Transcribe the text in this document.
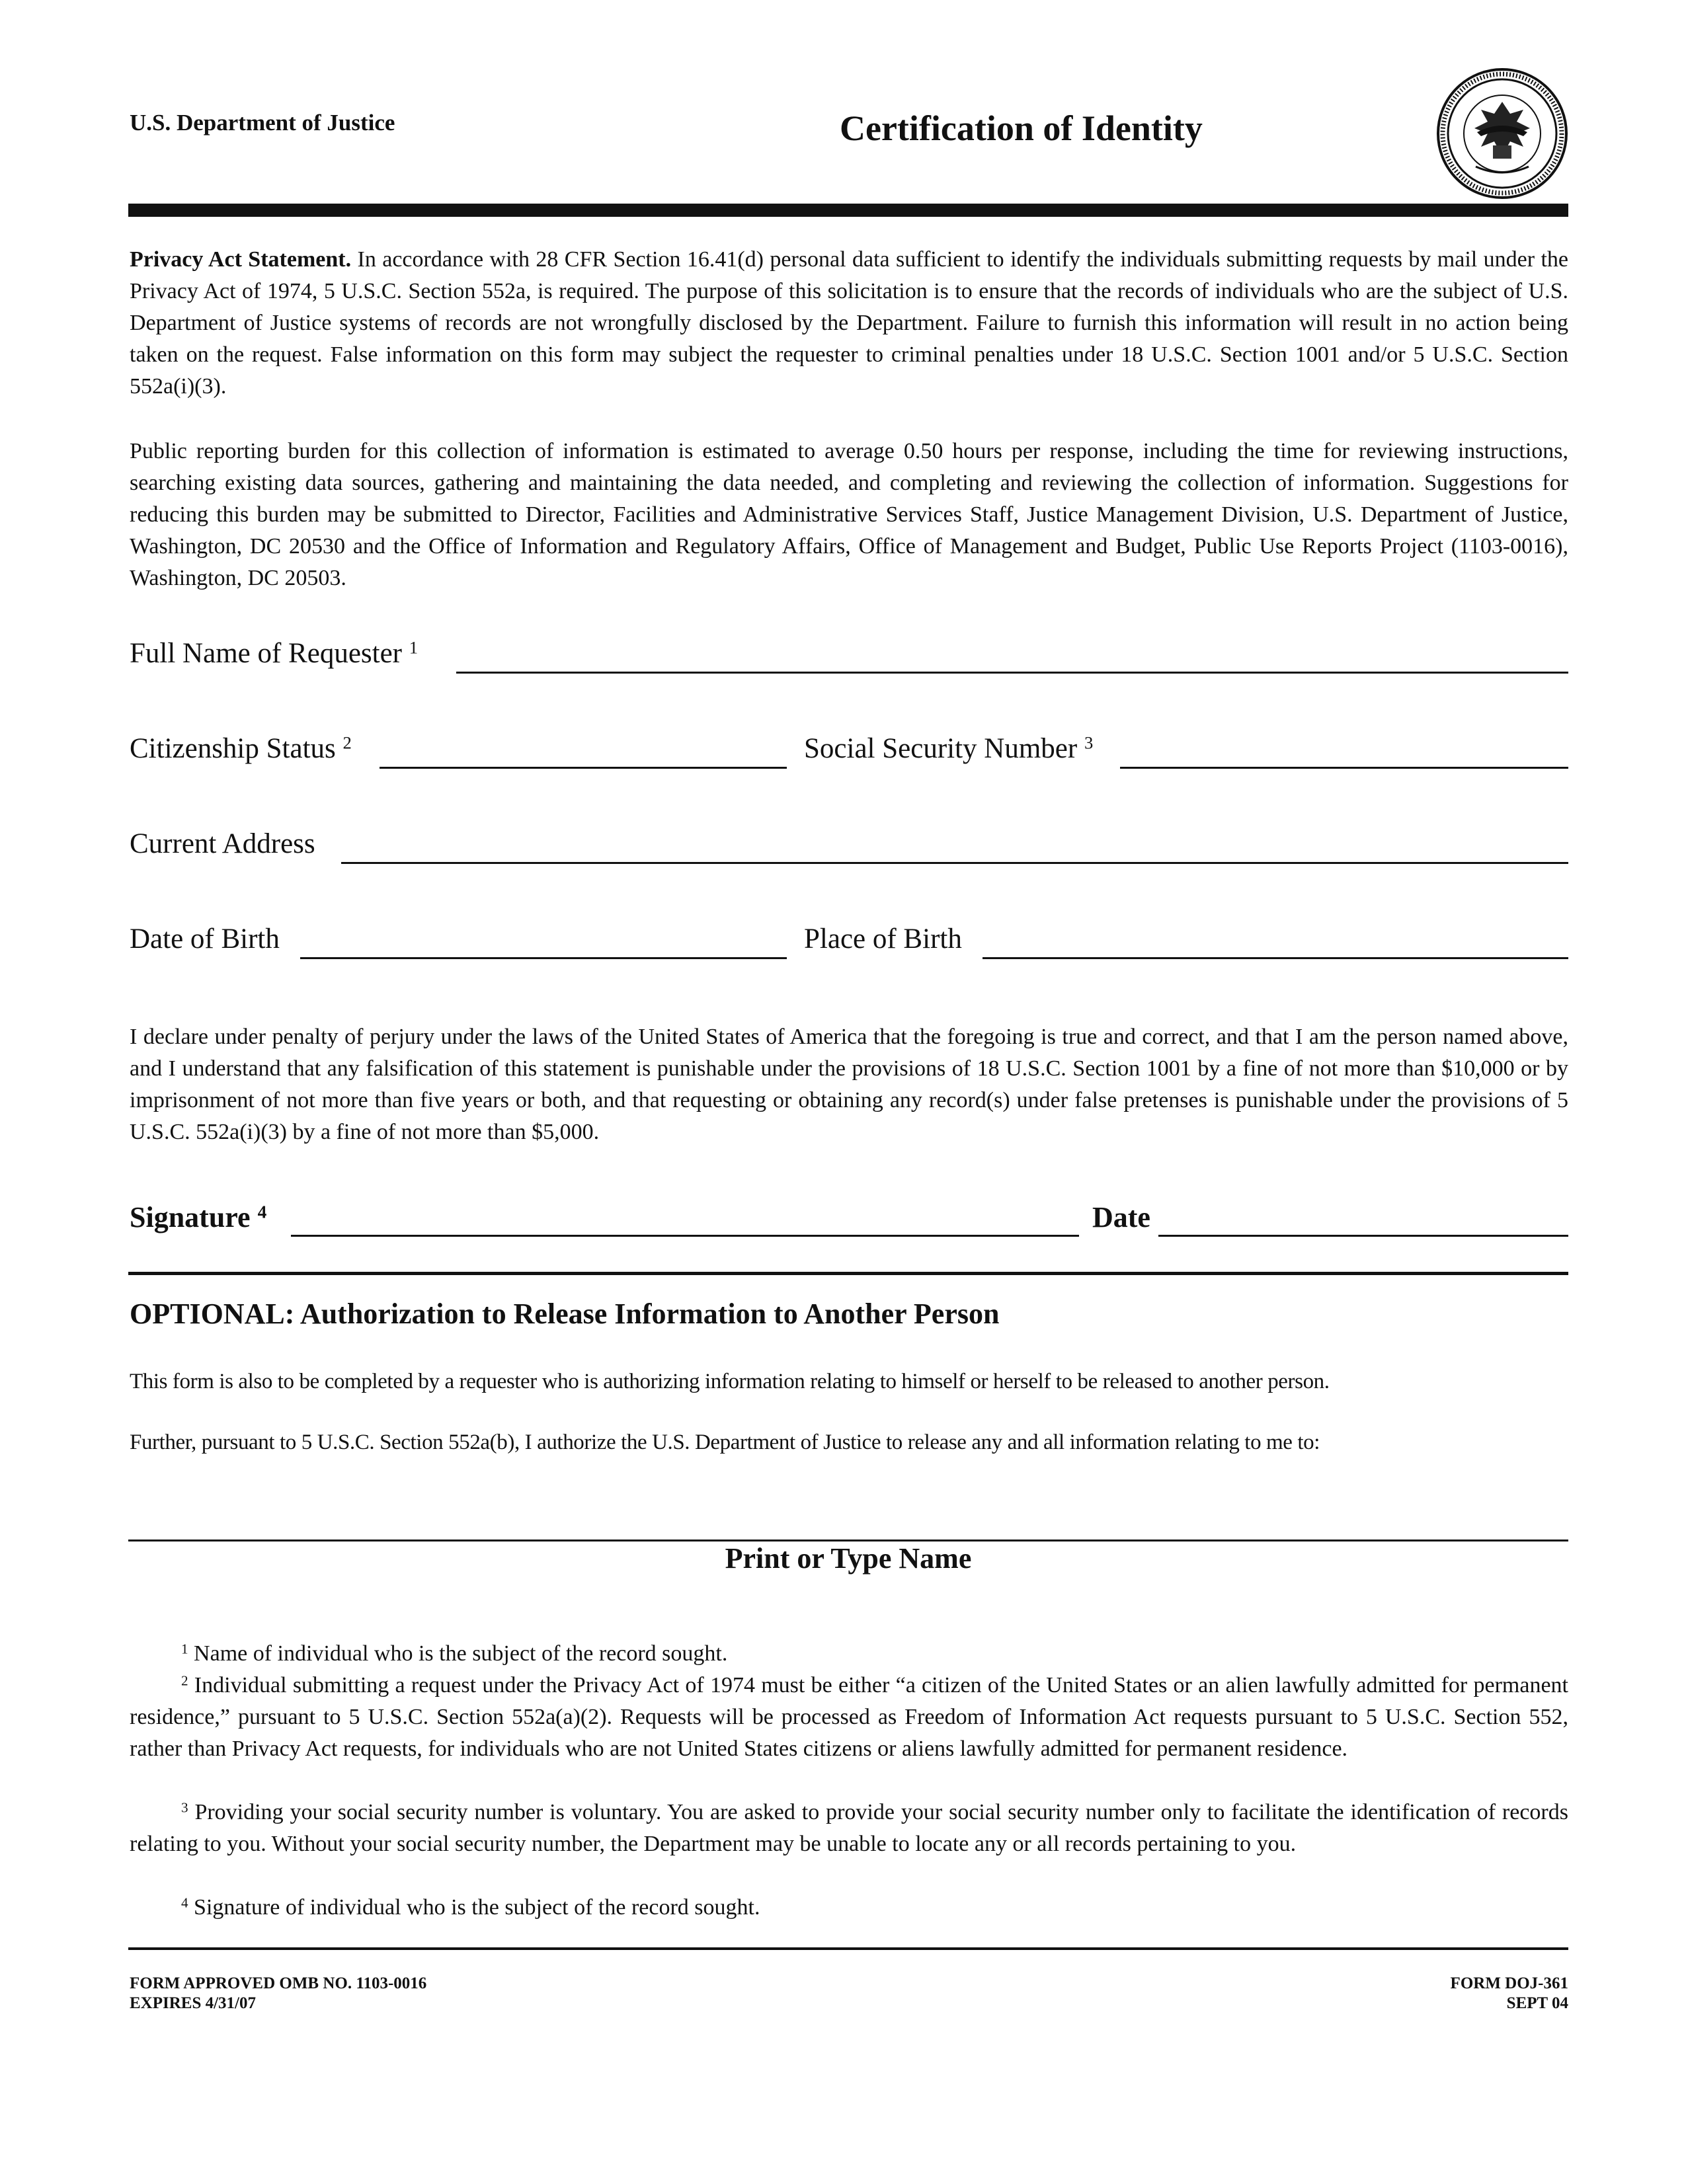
U.S. Department of Justice	Certification of Identity

Privacy Act Statement. In accordance with 28 CFR Section 16.41(d) personal data sufficient to identify the individuals submitting requests by mail under the Privacy Act of 1974, 5 U.S.C. Section 552a, is required. The purpose of this solicitation is to ensure that the records of individuals who are the subject of U.S. Department of Justice systems of records are not wrongfully disclosed by the Department. Failure to furnish this information will result in no action being taken on the request. False information on this form may subject the requester to criminal penalties under 18 U.S.C. Section 1001 and/or 5 U.S.C. Section 552a(i)(3).

Public reporting burden for this collection of information is estimated to average 0.50 hours per response, including the time for reviewing instructions, searching existing data sources, gathering and maintaining the data needed, and completing and reviewing the collection of information. Suggestions for reducing this burden may be submitted to Director, Facilities and Administrative Services Staff, Justice Management Division, U.S. Department of Justice, Washington, DC 20530 and the Office of Information and Regulatory Affairs, Office of Management and Budget, Public Use Reports Project (1103-0016), Washington, DC 20503.

Full Name of Requester $^1$
Citizenship Status $^2$	Social Security Number $^3$
Current Address
Date of Birth	Place of Birth

I declare under penalty of perjury under the laws of the United States of America that the foregoing is true and correct, and that I am the person named above, and I understand that any falsification of this statement is punishable under the provisions of 18 U.S.C. Section 1001 by a fine of not more than $10,000 or by imprisonment of not more than five years or both, and that requesting or obtaining any record(s) under false pretenses is punishable under the provisions of 5 U.S.C. 552a(i)(3) by a fine of not more than $5,000.

Signature $^4$	Date
OPTIONAL: Authorization to Release Information to Another Person
This form is also to be completed by a requester who is authorizing information relating to himself or herself to be released to another person.
Further, pursuant to 5 U.S.C. Section 552a(b), I authorize the U.S. Department of Justice to release any and all information relating to me to:
Print or Type Name

$^1$ Name of individual who is the subject of the record sought.

$^2$ Individual submitting a request under the Privacy Act of 1974 must be either “a citizen of the United States or an alien lawfully admitted for permanent residence,” pursuant to 5 U.S.C. Section 552a(a)(2). Requests will be processed as Freedom of Information Act requests pursuant to 5 U.S.C. Section 552, rather than Privacy Act requests, for individuals who are not United States citizens or aliens lawfully admitted for permanent residence.

$^3$ Providing your social security number is voluntary. You are asked to provide your social security number only to facilitate the identification of records relating to you. Without your social security number, the Department may be unable to locate any or all records pertaining to you.

$^4$ Signature of individual who is the subject of the record sought.

FORM APPROVED OMB NO. 1103-0016
EXPIRES 4/31/07
FORM DOJ-361
SEPT 04
